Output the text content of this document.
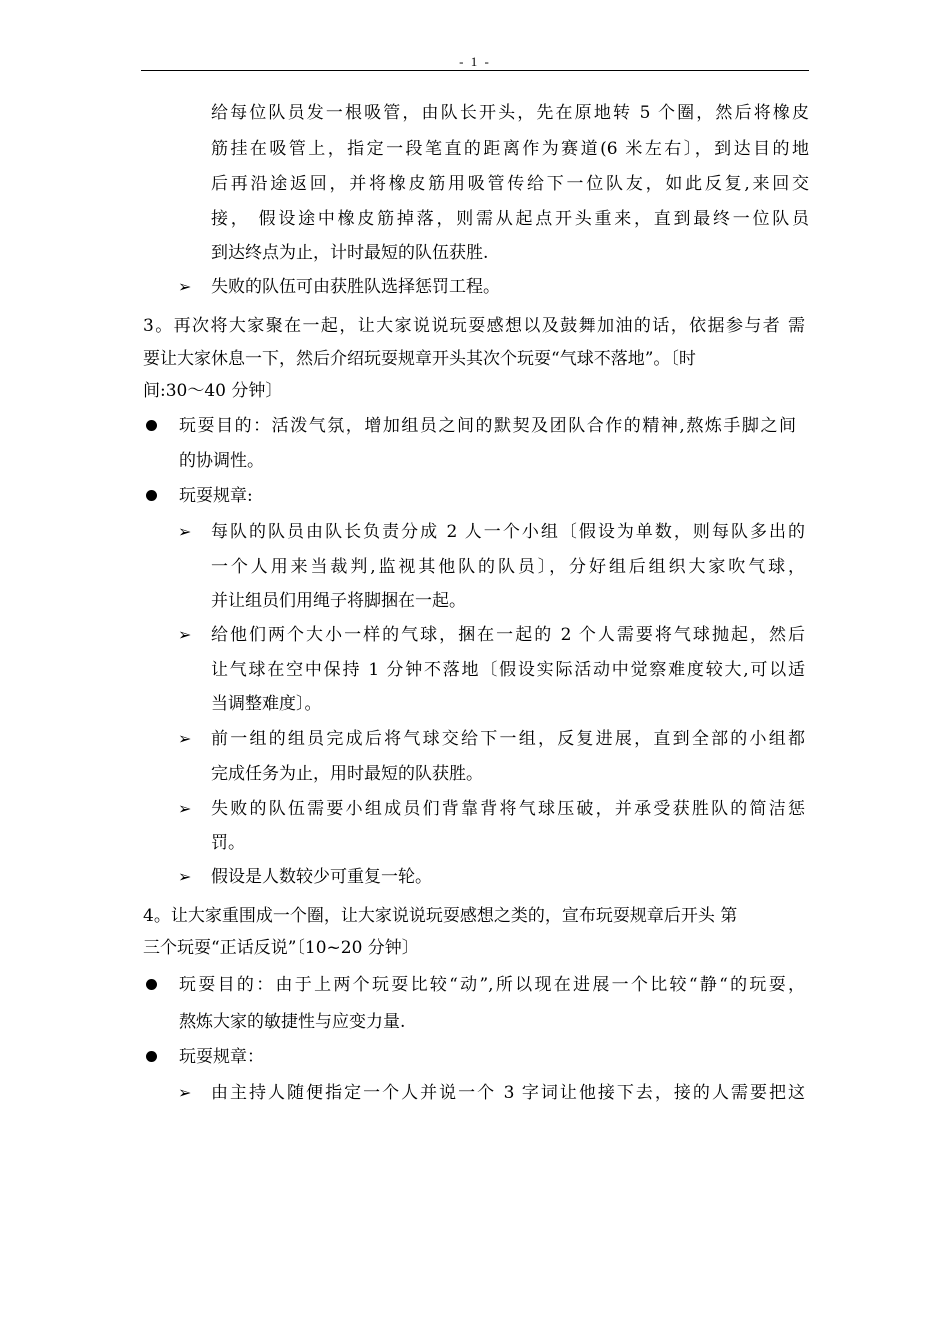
- 1 -
给每位队员发一根吸管，由队长开头，先在原地转 5 个圈，然后将橡皮
筋挂在吸管上，指定一段笔直的距离作为赛道(6 米左右〕，到达目的地
后再沿途返回，并将橡皮筋用吸管传给下一位队友，如此反复,来回交
接， 假设途中橡皮筋掉落，则需从起点开头重来，直到最终一位队员
到达终点为止，计时最短的队伍获胜.
➢ 失败的队伍可由获胜队选择惩罚工程。
3。再次将大家聚在一起，让大家说说玩耍感想以及鼓舞加油的话，依据参与者 需
要让大家休息一下，然后介绍玩耍规章开头其次个玩耍“气球不落地”。〔时
间:30～40 分钟〕
玩耍目的：活泼气氛，增加组员之间的默契及团队合作的精神,熬炼手脚之间
的协调性。
玩耍规章:
➢ 每队的队员由队长负责分成 2 人一个小组〔假设为单数，则每队多出的
一个人用来当裁判,监视其他队的队员〕，分好组后组织大家吹气球，
并让组员们用绳子将脚捆在一起。
➢ 给他们两个大小一样的气球，捆在一起的 2 个人需要将气球抛起，然后
让气球在空中保持 1 分钟不落地〔假设实际活动中觉察难度较大,可以适
当调整难度〕。
➢ 前一组的组员完成后将气球交给下一组，反复进展，直到全部的小组都
完成任务为止，用时最短的队获胜。
➢ 失败的队伍需要小组成员们背靠背将气球压破，并承受获胜队的简洁惩
罚。
➢ 假设是人数较少可重复一轮。
4。让大家重围成一个圈，让大家说说玩耍感想之类的，宣布玩耍规章后开头 第
三个玩耍“正话反说”〔10~20 分钟〕
玩耍目的：由于上两个玩耍比较“动”,所以现在进展一个比较“静“的玩耍，
熬炼大家的敏捷性与应变力量.
玩耍规章：
➢ 由主持人随便指定一个人并说一个 3 字词让他接下去，接的人需要把这
